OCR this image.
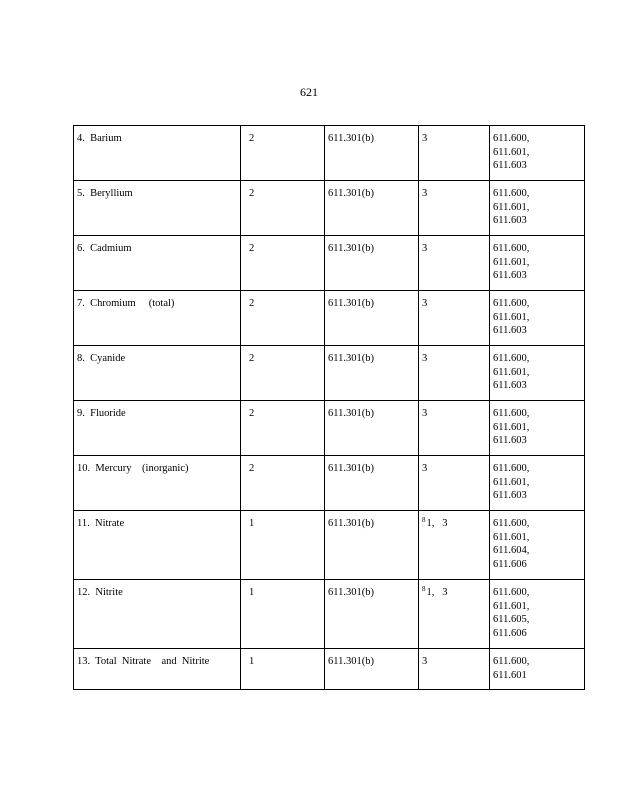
621
4.  Barium	2	611.301(b)	3	611.600,
611.601,
611.603

5.  Beryllium	2	611.301(b)	3	611.600,
611.601,
611.603

6.  Cadmium	2	611.301(b)	3	611.600,
611.601,
611.603

7.  Chromium     (total)	2	611.301(b)	3	611.600,
611.601,
611.603

8.  Cyanide	2	611.301(b)	3	611.600,
611.601,
611.603

9.  Fluoride	2	611.301(b)	3	611.600,
611.601,
611.603

10.  Mercury    (inorganic)	2	611.301(b)	3	611.600,
611.601,
611.603

11.  Nitrate	1	611.301(b)	$^8$1,   3	611.600,
611.601,
611.604,
611.606

12.  Nitrite	1	611.301(b)	$^8$1,   3	611.600,
611.601,
611.605,
611.606

13.  Total  Nitrate    and  Nitrite	1	611.301(b)	3	611.600,
611.601
